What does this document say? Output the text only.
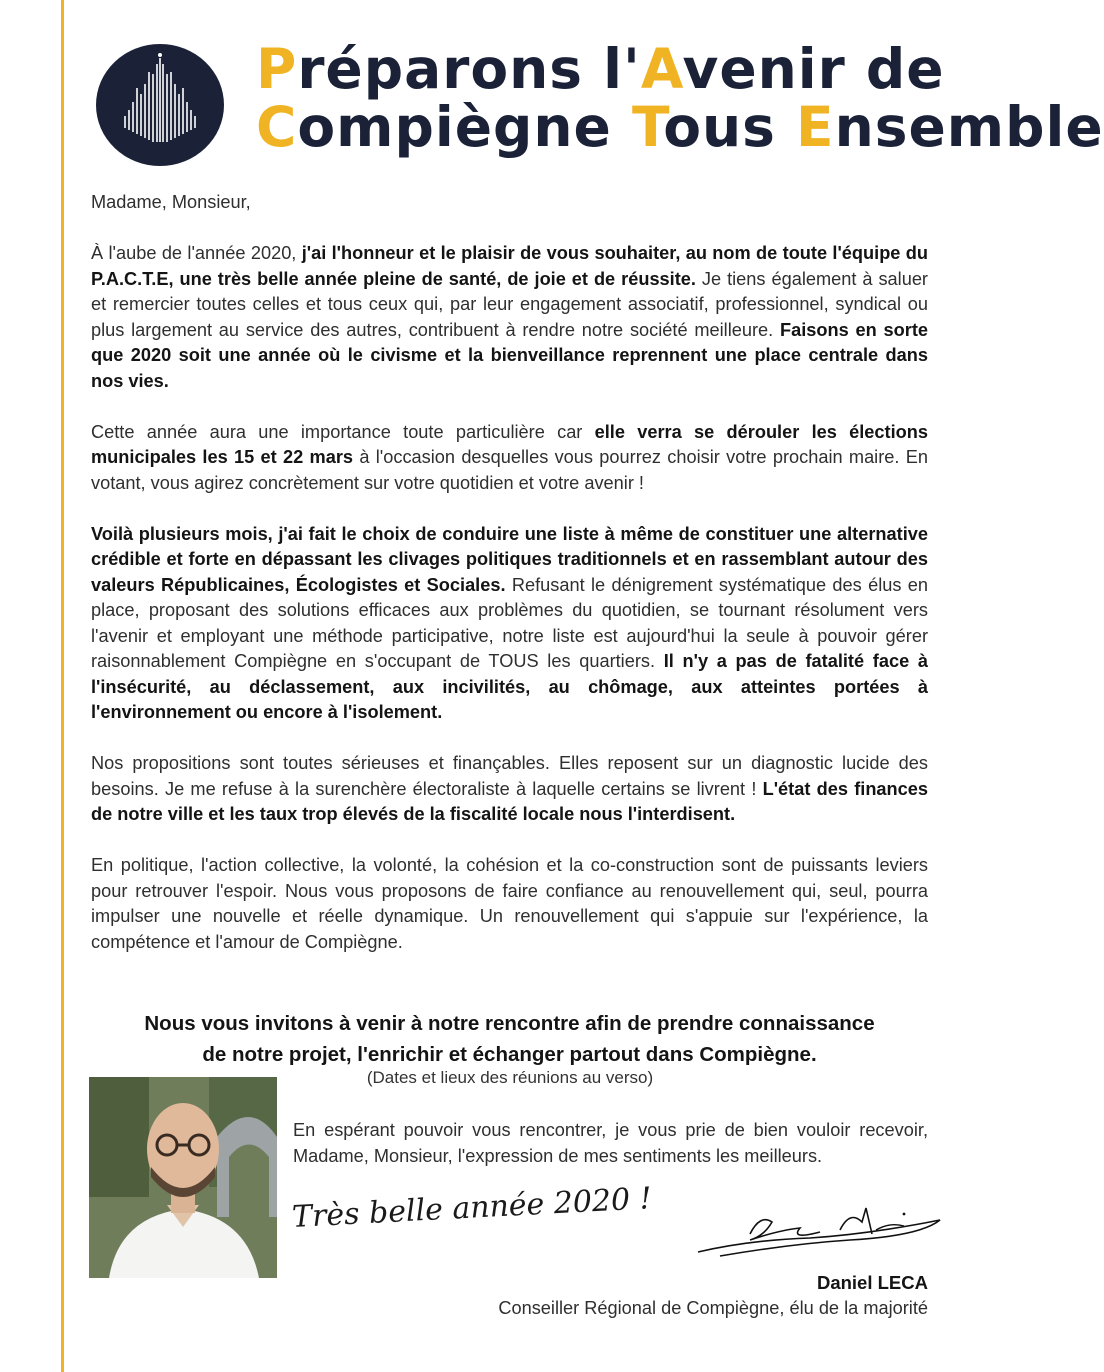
Préparons l'Avenir de
Compiègne Tous Ensemble

Madame, Monsieur,

À l'aube de l'année 2020, j'ai l'honneur et le plaisir de vous souhaiter, au nom de toute l'équipe du P.A.C.T.E, une très belle année pleine de santé, de joie et de réussite. Je tiens également à saluer et remercier toutes celles et tous ceux qui, par leur engagement associatif, professionnel, syndical ou plus largement au service des autres, contribuent à rendre notre société meilleure. Faisons en sorte que 2020 soit une année où le civisme et la bienveillance reprennent une place centrale dans nos vies.

Cette année aura une importance toute particulière car elle verra se dérouler les élections municipales les 15 et 22 mars à l'occasion desquelles vous pourrez choisir votre prochain maire. En votant, vous agirez concrètement sur votre quotidien et votre avenir !

Voilà plusieurs mois, j'ai fait le choix de conduire une liste à même de constituer une alternative crédible et forte en dépassant les clivages politiques traditionnels et en rassemblant autour des valeurs Républicaines, Écologistes et Sociales. Refusant le dénigrement systématique des élus en place, proposant des solutions efficaces aux problèmes du quotidien, se tournant résolument vers l'avenir et employant une méthode participative, notre liste est aujourd'hui la seule à pouvoir gérer raisonnablement Compiègne en s'occupant de TOUS les quartiers. Il n'y a pas de fatalité face à l'insécurité, au déclassement, aux incivilités, au chômage, aux atteintes portées à l'environnement ou encore à l'isolement.

Nos propositions sont toutes sérieuses et finançables. Elles reposent sur un diagnostic lucide des besoins. Je me refuse à la surenchère électoraliste à laquelle certains se livrent ! L'état des finances de notre ville et les taux trop élevés de la fiscalité locale nous l'interdisent.

En politique, l'action collective, la volonté, la cohésion et la co-construction sont de puissants leviers pour retrouver l'espoir. Nous vous proposons de faire confiance au renouvellement qui, seul, pourra impulser une nouvelle et réelle dynamique. Un renouvellement qui s'appuie sur l'expérience, la compétence et l'amour de Compiègne.

Nous vous invitons à venir à notre rencontre afin de prendre connaissance
de notre projet, l'enrichir et échanger partout dans Compiègne.
(Dates et lieux des réunions au verso)
En espérant pouvoir vous rencontrer, je vous prie de bien vouloir recevoir, Madame, Monsieur, l'expression de mes sentiments les meilleurs.
Très belle année 2020 !
Daniel LECA
Conseiller Régional de Compiègne, élu de la majorité
